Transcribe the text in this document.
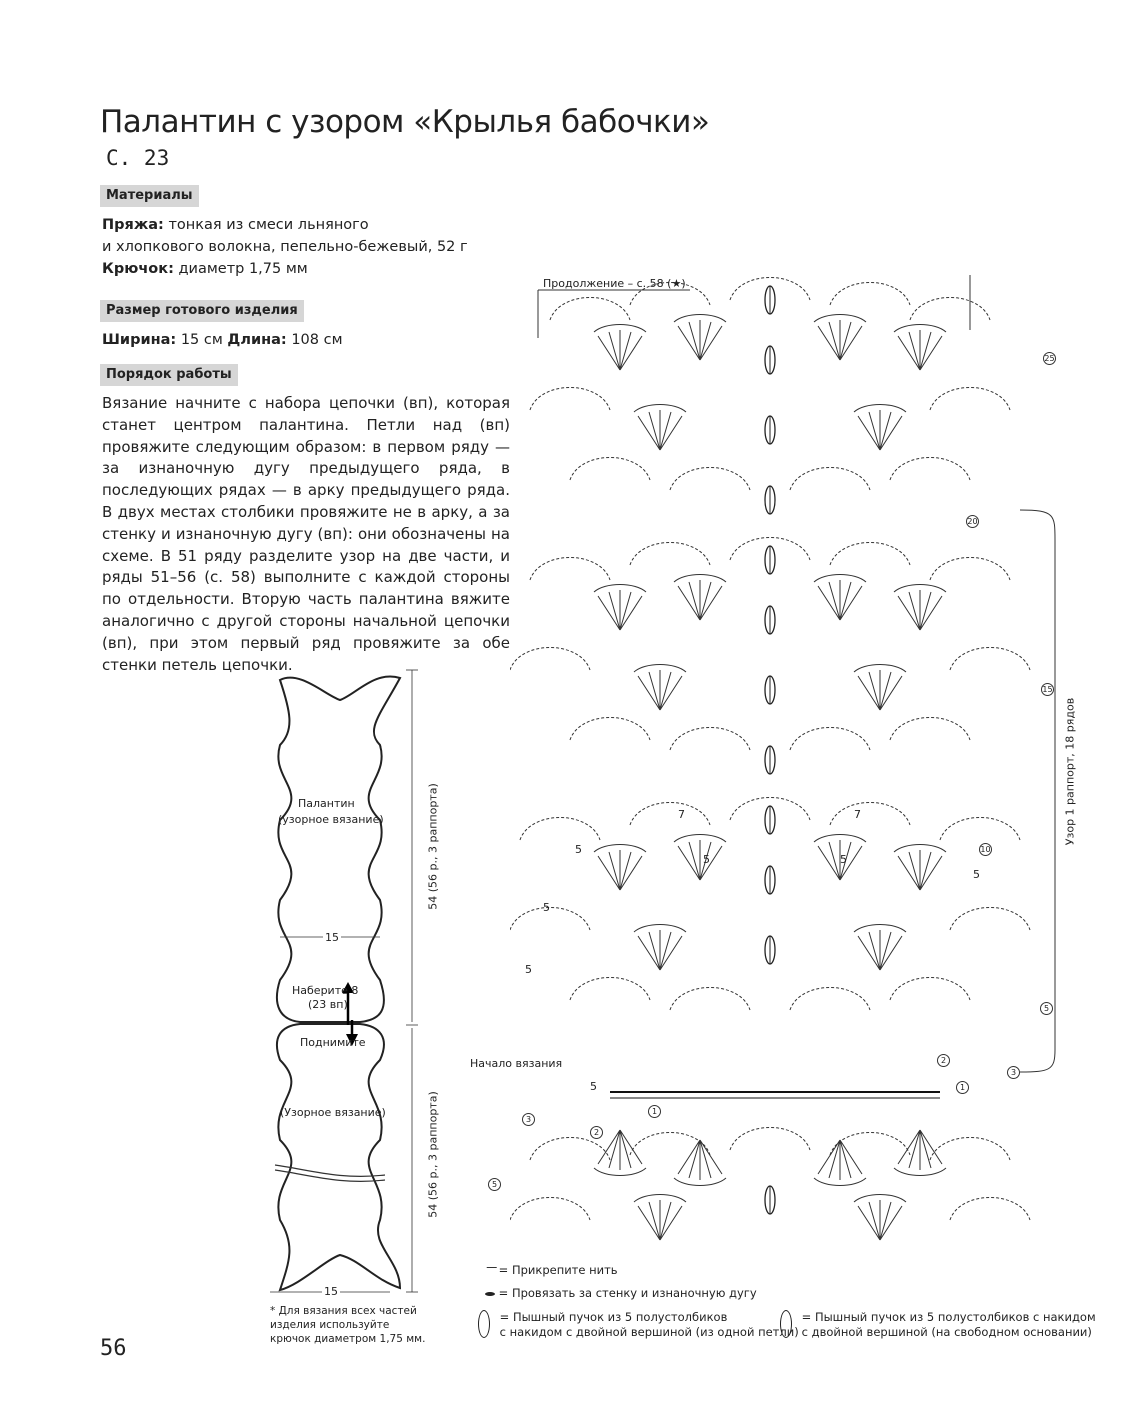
Палантин с узором «Крылья бабочки»
С. 23
Материалы
Пряжа: тонкая из смеси льняного
и хлопкового волокна, пепельно-бежевый, 52 г
Крючок: диаметр 1,75 мм
Размер готового изделия
Ширина: 15 см Длина: 108 см
Порядок работы
Вязание начните с набора цепочки (вп), которая станет центром палантина. Петли над (вп) провяжите следующим образом: в первом ряду — за изнаночную дугу предыдущего ряда, в последующих рядах — в арку предыдущего ряда. В двух местах столбики провяжите не в арку, а за стенку и изнаночную дугу (вп): они обозначены на схеме. В 51 ряду разделите узор на две части, и ряды 51–56 (с. 58) выполните с каждой стороны по отдельности. Вторую часть палантина вяжите аналогично с другой стороны начальной цепочки (вп), при этом первый ряд провяжите за обе стенки петель цепочки.
Палантин
(узорное вязание)
15
Наберите 8
(23 вп)
Поднимите
(Узорное вязание)
54 (56 р., 3 раппорта)
54 (56 р., 3 раппорта)
15
* Для вязания всех частей
изделия используйте
крючок диаметром 1,75 мм.
Продолжение – с. 58 (★)
Начало вязания
Узор 1 раппорт, 18 рядов
25
20
15
10
5
3
2
1
1
2
3
5
5
5	5
5
5
5
5
7	7
= Прикрепите нить
= Провязать за стенку и изнаночную дугу

= Пышный пучок из 5 полустолбиков
с накидом с двойной вершиной (из одной петли)

= Пышный пучок из 5 полустолбиков с накидом
с двойной вершиной (на свободном основании)
56
